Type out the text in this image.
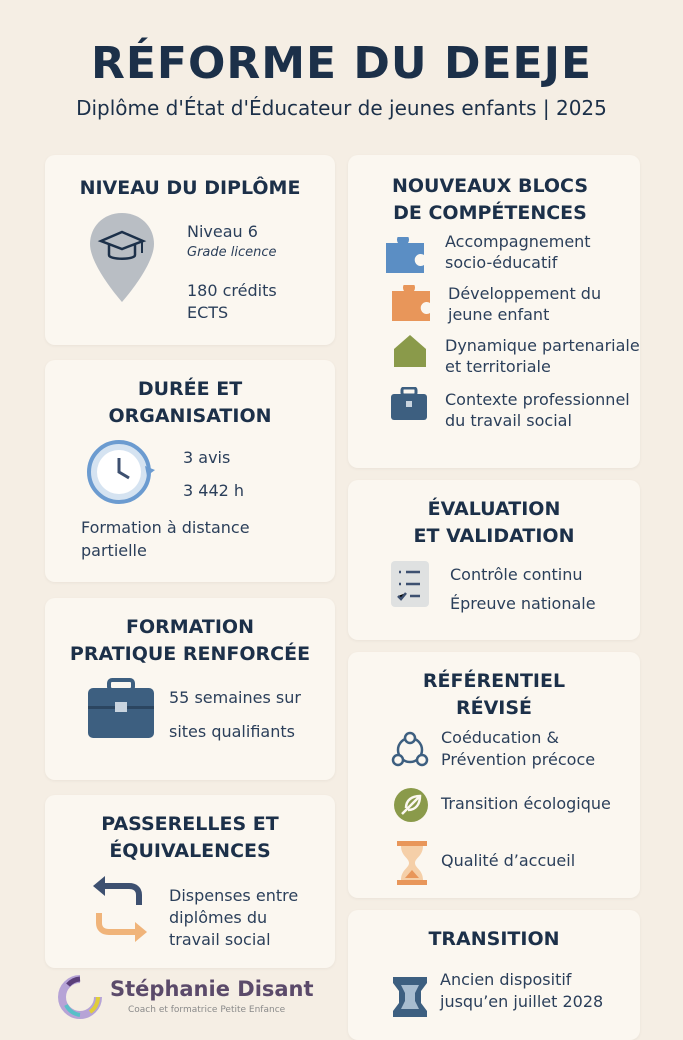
RÉFORME DU DEEJE
Diplôme d'État d'Éducateur de jeunes enfants | 2025
NIVEAU DU DIPLÔME
Niveau 6
Grade licence
180 crédits
ECTS
DURÉE ET
ORGANISATION
3 avis
3 442 h
Formation à distance
partielle
FORMATION
PRATIQUE RENFORCÉE
55 semaines sur
sites qualifiants
PASSERELLES ET
ÉQUIVALENCES
Dispenses entre
diplômes du
travail social
NOUVEAUX BLOCS
DE COMPÉTENCES
Accompagnement
socio-éducatif
Développement du
jeune enfant
Dynamique partenariale
et territoriale
Contexte professionnel
du travail social
ÉVALUATION
ET VALIDATION
Contrôle continu
Épreuve nationale
RÉFÉRENTIEL
RÉVISÉ
Coéducation &
Prévention précoce
Transition écologique
Qualité d’accueil
TRANSITION
Ancien dispositif
jusqu’en juillet 2028
Stéphanie Disant
Coach et formatrice Petite Enfance
